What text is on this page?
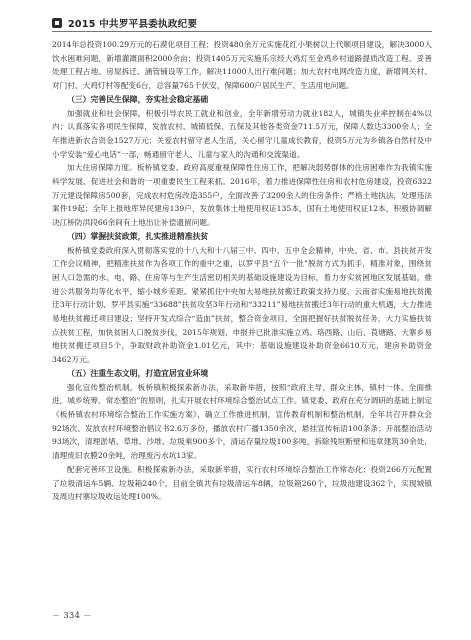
2015 中共罗平县委执政纪要

2014年总投资100.29万元的石漠化项目工程；投资480余万元实施花红小果树以上代顺项目建设，解决3000人饮水困难问题，新增灌溉面积2000余亩；投资1405万元实施乐宗经大鸡灯至金鸡乡村道路提质改造工程。妥善处理工程占地、房屋拆迁、涵管铺设等工作，解决11000人出行难问题；加大农村电网改造力度，新增网关村、对门村、大鸡灯村等配变6台，总容量765千伏安，保障600户居民生产、生活用电问题。

（三）完善民生保障，夯实社会稳定基础

加强就业和社会保障。积极引导农民工就业和创业，全年新增劳动力就业182人，城镇失业率控制在4%以内；认真落实各项民生保障，发放农村、城镇低保、五保及其他各类资金711.5万元，保障人数达3300余人；全年推进新农合资金1527万元；关爱农村留守老人生活，关心留守儿童成长教育，投资5万元为乡镇各自然村及中小学安装“爱心电话”一部，畅通留守老人、儿童与家人的沟通和交流渠道。

加大住房保障力度。板桥镇党委、政府高度重视保障性住房工作，把解决弱势群体的住房困难作为我镇实施科学发展、促进社会和谐的一项重要民生工程来抓。2016年，着力推进保障性住房和农村危房建设，投资6322万元建设保障房500套，完成农村危房改造355户，全面改善了3200余人的住房条件；严格土地执法，处理违法案件19起；全年上报地库异民建房139户，发放集体土地使用权证135本，国有土地使用权证12本，积极协调解决江桥防洪段66余间有土地出让补偿遗留问题。

（四）掌握扶贫政策，扎实推进精准扶贫

板桥镇党委政府深入贯彻落实党的十八大和十八届三中、四中、五中全会精神，中央、省、市、县扶贫开发工作会议精神，把精准扶贫作为各项工作的重中之重，以罗平县“五个一批”脱贫方式为抓手，精准对象，围绕贫困人口急需的水、电、路、住房等与生产生活密切相关的基础设施建设为目标，着力夯实贫困地区发展基础，推进公共服务均等化水平，缩小城乡差距。紧紧抓住中央加大易地扶贫搬迁政策支持力度、云南省实施易地扶贫搬迁3年行动计划、罗平县实施“33688”扶贫攻坚3年行动和“33211”易地扶贫搬迁3年行动的重大机遇，大力推进易地扶贫搬迁项目建设；坚持开发式综合“造血”扶贫，整合资金项目，全面把握好扶贫脱贫任务，大力实施扶贫点扶贫工程，加快贫困人口脱贫步伐，2015年规划、申报并已批准实施立鸡、珞西路、山后、莨塘路、大寨乡易地扶贫搬迁项目5个，争取财政补助资金1.01亿元，其中：基础设施建设补助资金6610万元，建房补助资金3462万元。

（五）注重生态文明，打造宜居宜业环境

强化宜传整治机制。板桥镇积极探索新办法，采取新举措，按照“政府主导、群众主体，镇村一体、全面推进，城乡统筹、常态整治”的原则，扎实开展农村环境综合整治试点工作。镇党委、政府在充分调研的基础上制定《板桥镇农村环境综合整治工作实施方案》，确立工作推进机制，宣传教育机制和整治机制，全年共召开群众会92场次、发放农村环境整治倡议书2.6万多份，播放农村广播1350余次，悬挂宣传标语100条条；开展整治活动93场次，清理淤堵、草堆、沙堆、垃圾乘900多个，清运存量垃圾100多吨，拆除残垣断壁和违章建筑30余处，清理废旧农膜20余吨，治理废污水坑13家。

配套完善环卫设施。积极探索新办法，采取新举措，实行农村环境综合整治工作常态化；投资266万元配置了垃圾清运车5辆、垃圾箱240个，目前全镇共有垃圾清运车8辆，垃圾箱260个，垃圾池建设362个，实现城镇及周边村寨垃圾收运处理100%。

－ 334 －
